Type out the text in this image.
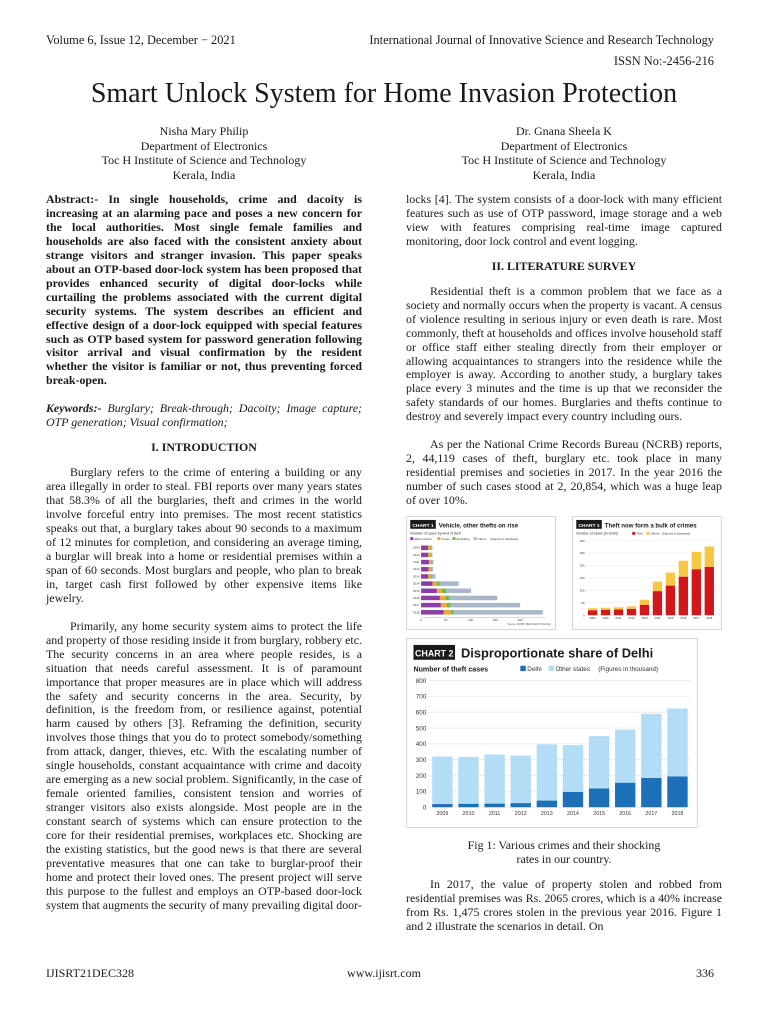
Volume 6, Issue 12, December − 2021	International Journal of Innovative Science and Research Technology
ISSN No:-2456-216
Smart Unlock System for Home Invasion Protection
Nisha Mary Philip
Department of Electronics
Toc H Institute of Science and Technology
Kerala, India
Dr. Gnana Sheela K
Department of Electronics
Toc H Institute of Science and Technology
Kerala, India

Abstract:- In single households, crime and dacoity is increasing at an alarming pace and poses a new concern for the local authorities. Most single female families and households are also faced with the consistent anxiety about strange visitors and stranger invasion. This paper speaks about an OTP-based door-lock system has been proposed that provides enhanced security of digital door-locks while curtailing the problems associated with the current digital security systems. The system describes an efficient and effective design of a door-lock equipped with special features such as OTP based system for password generation following visitor arrival and visual confirmation by the resident whether the visitor is familiar or not, thus preventing forced break-open.

Keywords:- Burglary; Break-through; Dacoity; Image capture; OTP generation; Visual confirmation;

I. INTRODUCTION

Burglary refers to the crime of entering a building or any area illegally in order to steal. FBI reports over many years states that 58.3% of all the burglaries, theft and crimes in the world involve forceful entry into premises. The most recent statistics speaks out that, a burglary takes about 90 seconds to a maximum of 12 minutes for completion, and considering an average timing, a burglar will break into a home or residential premises within a span of 60 seconds. Most burglars and people, who plan to break in, target cash first followed by other expensive items like jewelry.

Primarily, any home security system aims to protect the life and property of those residing inside it from burglary, robbery etc. The security concerns in an area where people resides, is a situation that needs careful assessment. It is of paramount importance that proper measures are in place which will address the safety and security concerns in the area. Security, by definition, is the freedom from, or resilience against, potential harm caused by others [3]. Reframing the definition, security involves those things that you do to protect somebody/something from attack, danger, thieves, etc. With the escalating number of single households, constant acquaintance with crime and dacoity are emerging as a new social problem. Significantly, in the case of female oriented families, consistent tension and worries of stranger visitors also exists alongside. Most people are in the constant search of systems which can ensure protection to the core for their residential premises, workplaces etc. Shocking are the existing statistics, but the good news is that there are several preventative measures that one can take to burglar-proof their home and protect their loved ones. The present project will serve this purpose to the fullest and employs an OTP-based door-lock system that augments the security of many prevailing digital door-

locks [4]. The system consists of a door-lock with many efficient features such as use of OTP password, image storage and a web view with features comprising real-time image captured monitoring, door lock control and event logging.

II. LITERATURE SURVEY

Residential theft is a common problem that we face as a society and normally occurs when the property is vacant. A census of violence resulting in serious injury or even death is rare. Most commonly, theft at households and offices involve household staff or office staff either stealing directly from their employer or allowing acquaintances to strangers into the residence while the employer is away. According to another study, a burglary takes place every 3 minutes and the time is up that we reconsider the safety standards of our homes. Burglaries and thefts continue to destroy and severely impact every country including ours.

As per the National Crime Records Bureau (NCRB) reports, 2, 44,119 cases of theft, burglary etc. took place in many residential premises and societies in 2017. In the year 2016 the number of such cases stood at 2, 20,854, which was a huge leap of over 10%.

CHART 1 Vehicle, other thefts on rise
Number of cases by kind of theft
Motor vehicle	House Snatching	Others (Figures in thousand)
2009
2010
2011
2012
2013
2014
2015
2016
2017
2018
0	50	100	150	200
Source: NCRB (NEW DELHI POLICE)
CHART 1 Theft now form a bulk of crimes
Number of cases (in Delhi)	Theft	Others (Figures in thousand)
0
50
100
150
200
250
300
2009 2010 2011 2012 2013 2014 2015 2016 2017 2018
CHART 2 Disproportionate share of Delhi
Number of theft cases	Delhi Other states (Figures in thousand)
0
100
200
300
400
500
600
700
800
2009	2010	2011	2012	2013	2014	2015	2016	2017	2018
Fig 1: Various crimes and their shocking
rates in our country.

In 2017, the value of property stolen and robbed from residential premises was Rs. 2065 crores, which is a 40% increase from Rs. 1,475 crores stolen in the previous year 2016. Figure 1 and 2 illustrate the scenarios in detail. On

IJISRT21DEC328	www.ijisrt.com	336
